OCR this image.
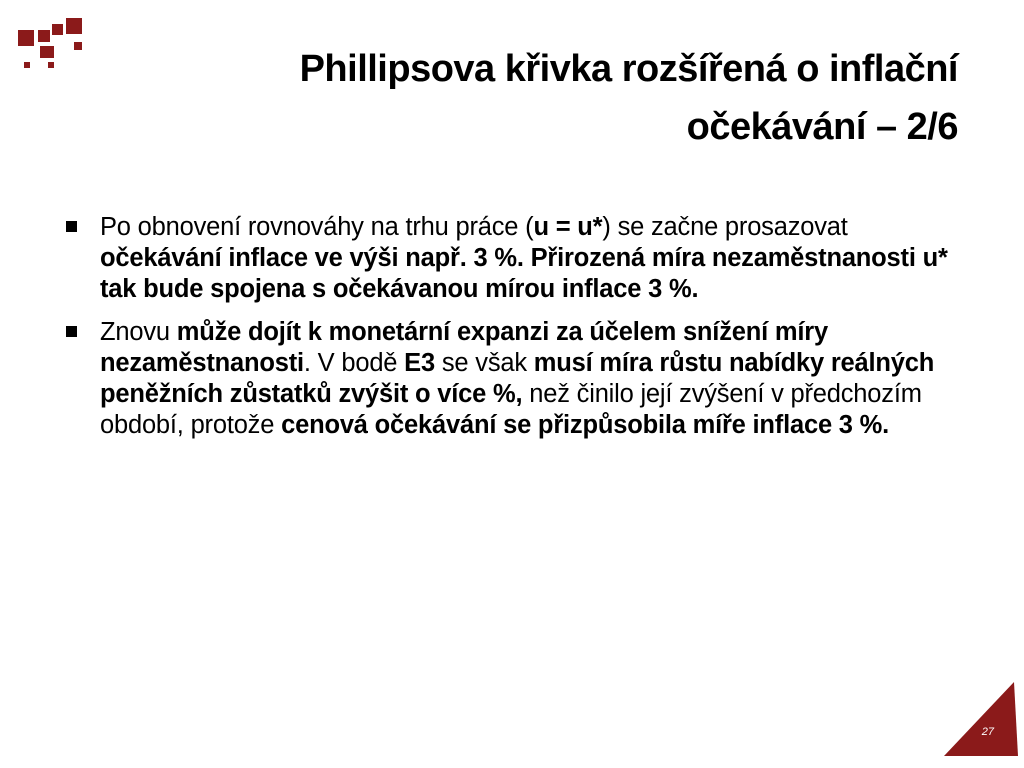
Phillipsova křivka rozšířená o inflační
očekávání – 2/6
Po obnovení rovnováhy na trhu práce (u = u*) se začne prosazovat očekávání inflace ve výši např. 3 %. Přirozená míra nezaměstnanosti u* tak bude spojena s očekávanou mírou inflace 3 %.
Znovu může dojít k monetární expanzi za účelem snížení míry nezaměstnanosti. V bodě E3 se však musí míra růstu nabídky reálných peněžních zůstatků zvýšit o více %, než činilo její zvýšení v předchozím období, protože cenová očekávání se přizpůsobila míře inflace 3 %.
27
